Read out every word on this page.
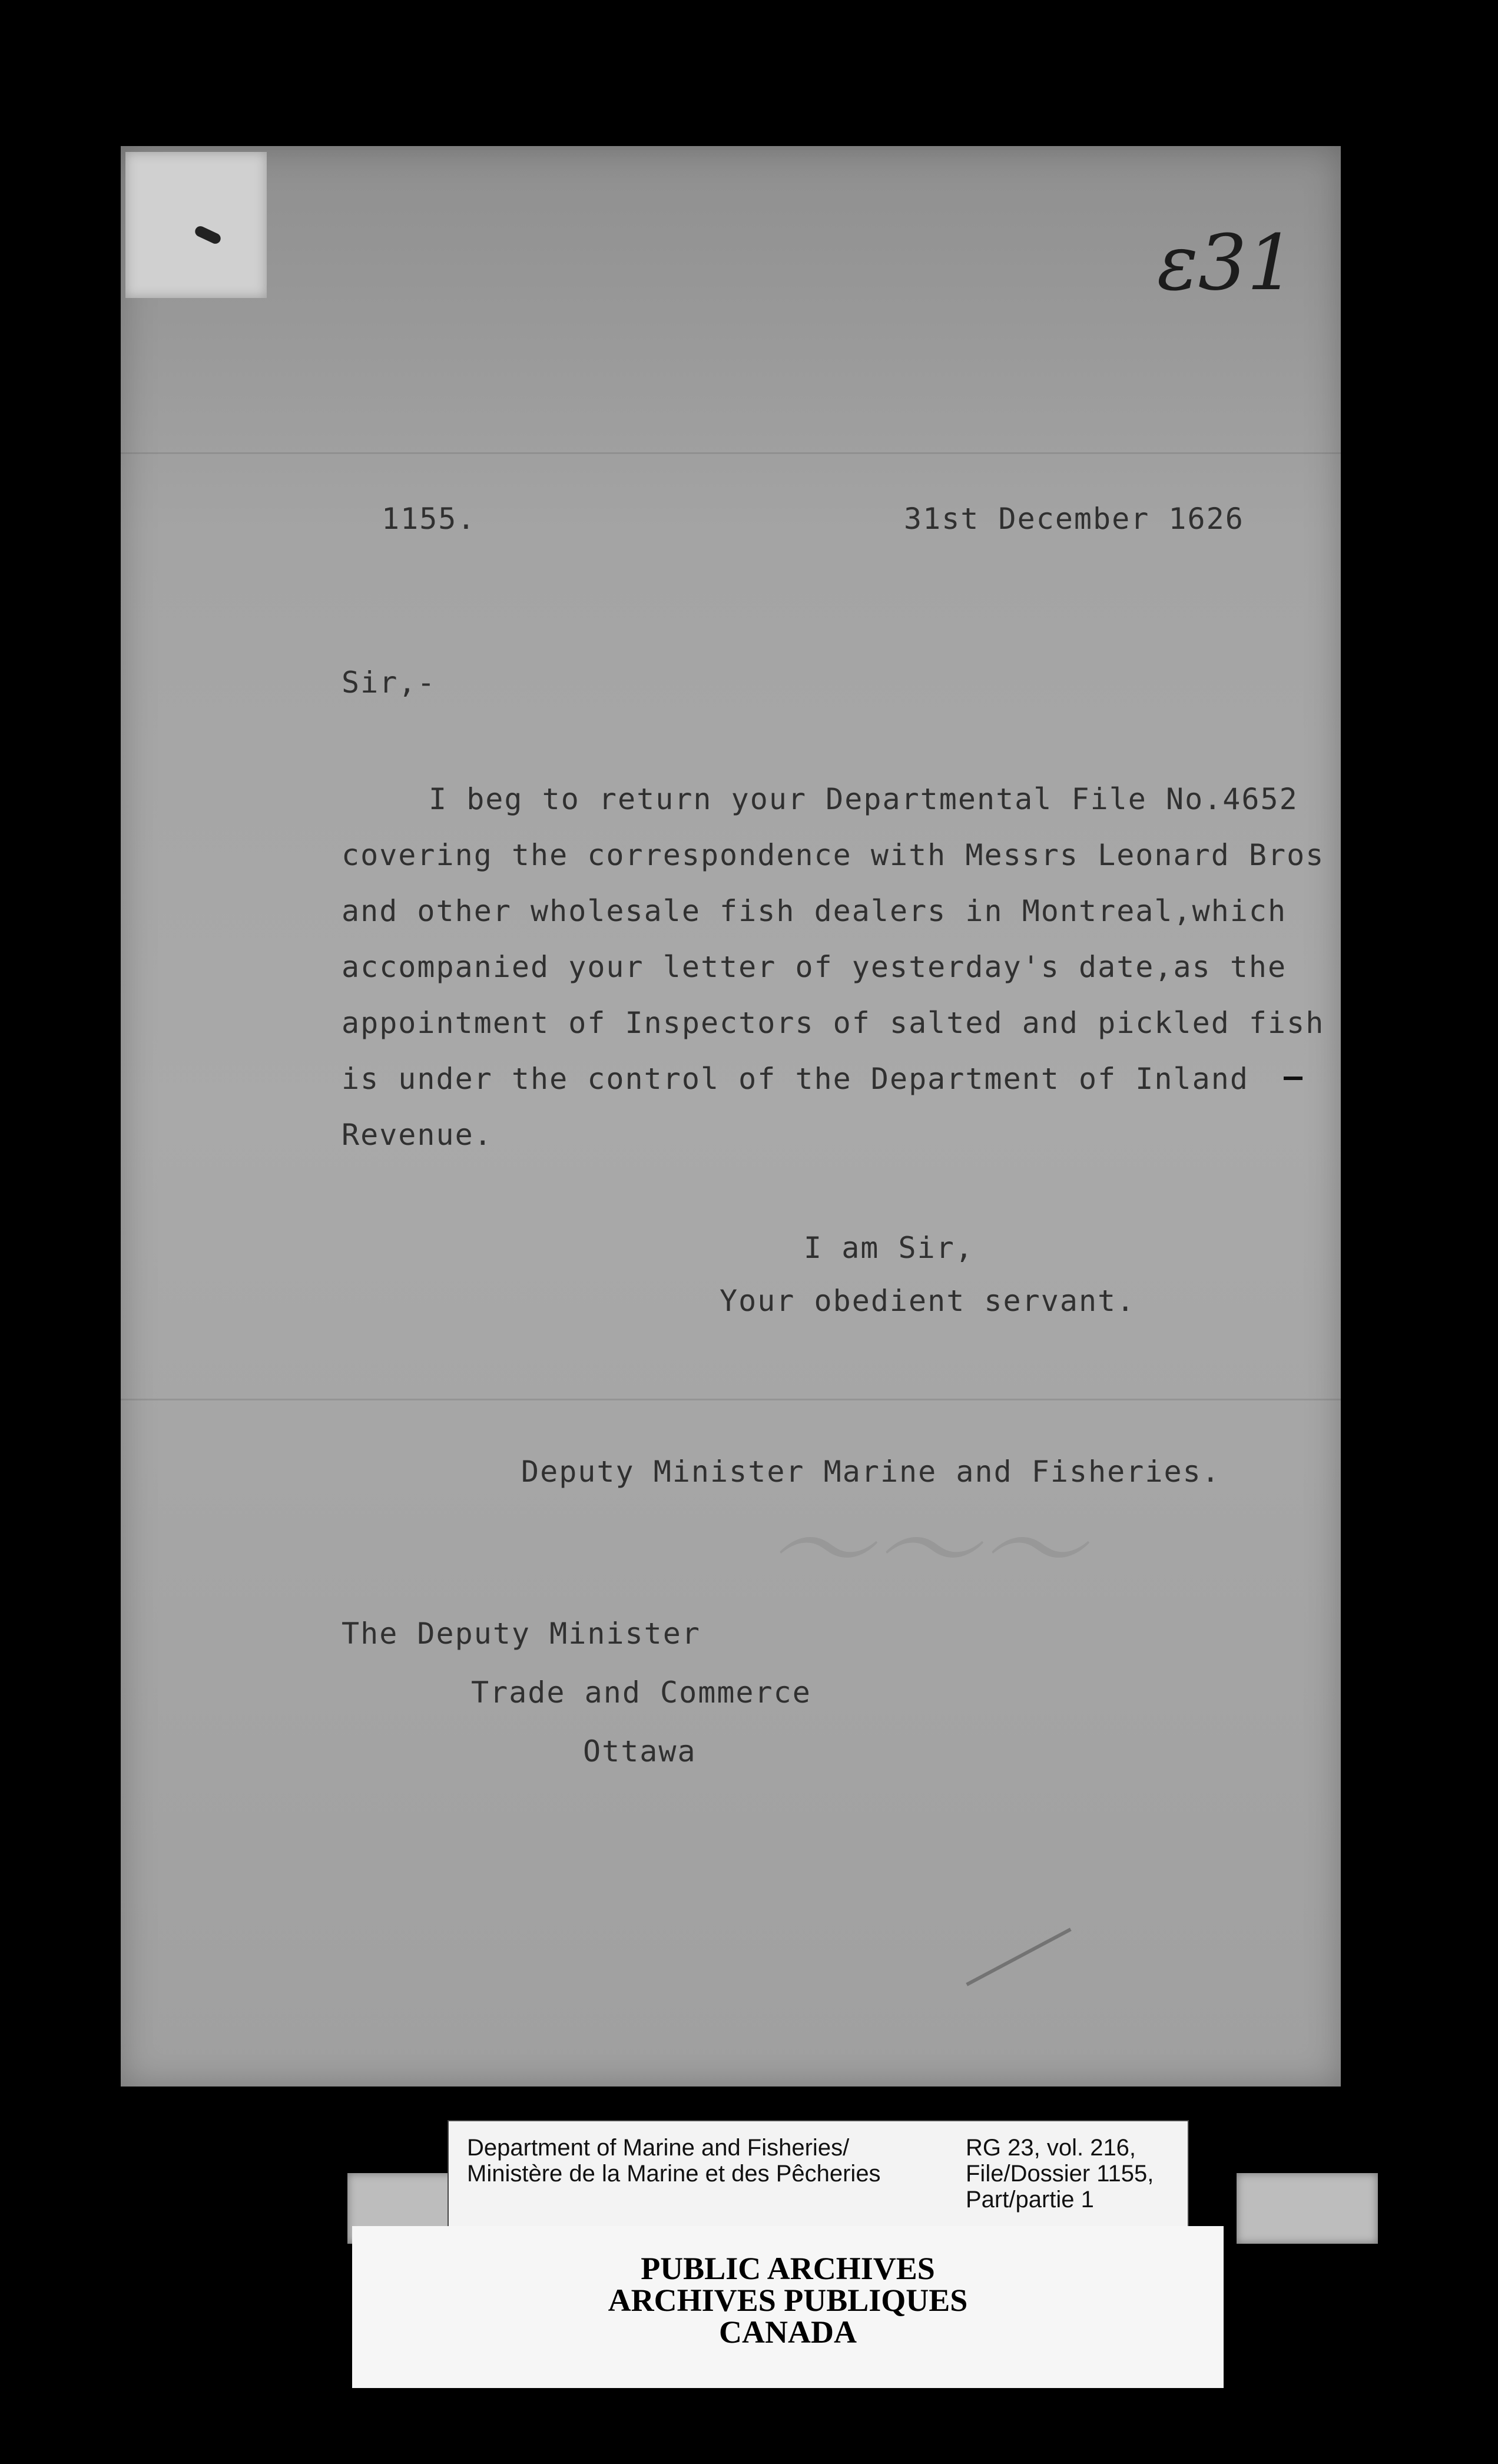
ɛ31
1155.	31st December 1626
Sir,-
I beg to return your Departmental File No.4652
covering the correspondence with Messrs Leonard Bros
and other wholesale fish dealers in Montreal,which
accompanied your letter of yesterday's date,as the
appointment of Inspectors of salted and pickled fish
is under the control of the Department of Inland
Revenue.
I am Sir,
Your obedient servant.
Deputy Minister Marine and Fisheries.
～～～
The Deputy Minister
Trade and Commerce
Ottawa
Department of Marine and Fisheries/
Ministère de la Marine et des Pêcheries
RG 23, vol. 216,
File/Dossier 1155,
Part/partie 1
PUBLIC ARCHIVES
ARCHIVES PUBLIQUES
CANADA
